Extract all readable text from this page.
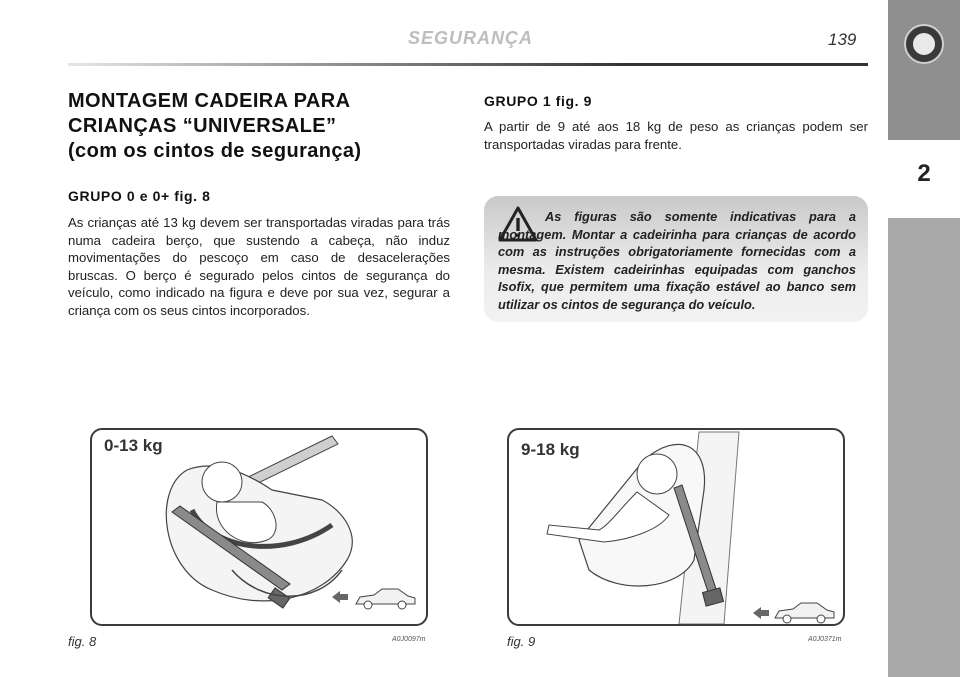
2
SEGURANÇA	139
MONTAGEM CADEIRA PARA
CRIANÇAS “UNIVERSALE”
(com os cintos de segurança)
GRUPO 0 e 0+ fig. 8
As crianças até 13 kg devem ser transportadas viradas para trás numa cadeira berço, que sustendo a cabeça, não induz movimentações do pescoço em caso de desacelerações bruscas. O berço é segurado pelos cintos de segurança do veículo, como indicado na figura e deve por sua vez, segurar a criança com os seus cintos incorporados.
GRUPO 1 fig. 9
A partir de 9 até aos 18 kg de peso as crianças podem ser transportadas viradas para frente.
As figuras são somente indicativas para a montagem. Montar a cadeirinha para crianças de acordo com as instruções obrigatoriamente fornecidas com a mesma. Existem cadeirinhas equipadas com ganchos Isofix, que permitem uma fixação estável ao banco sem utilizar os cintos de segurança do veículo.
0-13 kg
fig. 8	A0J0097m
9-18 kg
fig. 9	A0J0371m
